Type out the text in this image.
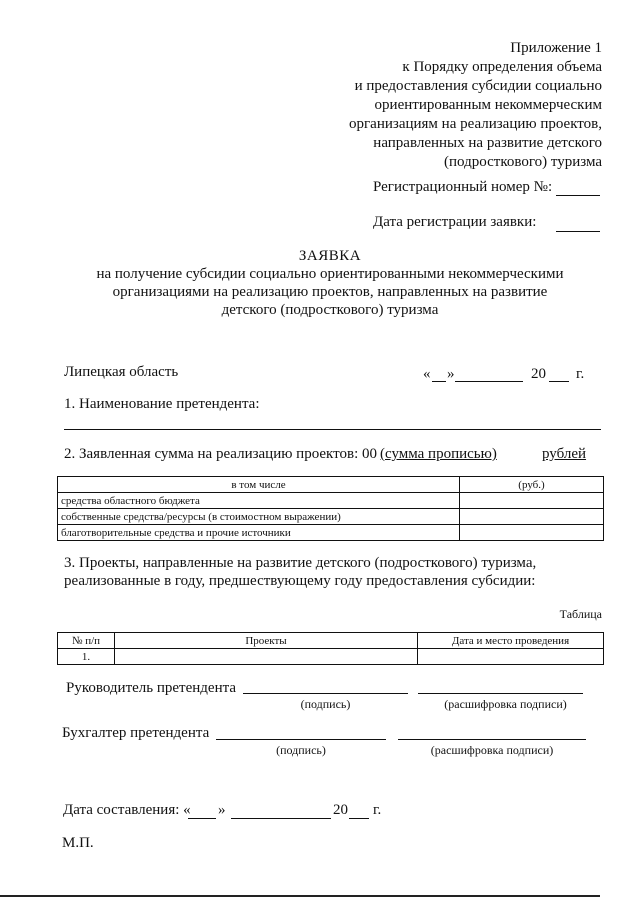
Приложение 1
к Порядку определения объема
и предоставления субсидии социально
ориентированным некоммерческим
организациям на реализацию проектов,
направленных на развитие детского
(подросткового) туризма
Регистрационный номер №:
Дата регистрации заявки:
ЗАЯВКА
на получение субсидии социально ориентированными некоммерческими
организациями на реализацию проектов, направленных на развитие
детского (подросткового) туризма
Липецкая область	« »	20 г.
1. Наименование претендента:
2. Заявленная сумма на реализацию проектов: 00 (сумма прописью)	рублей
в том числе	(руб.)
средства областного бюджета	
собственные средства/ресурсы (в стоимостном выражении)	
благотворительные средства и прочие источники	
3. Проекты, направленные на развитие детского (подросткового) туризма,
реализованные в году, предшествующему году предоставления субсидии:
Таблица
№ п/п	Проекты	Дата и место проведения
1.		
Руководитель претендента
(подпись)	(расшифровка подписи)
Бухгалтер претендента
(подпись)	(расшифровка подписи)
Дата составления: « »	20 г.
М.П.
